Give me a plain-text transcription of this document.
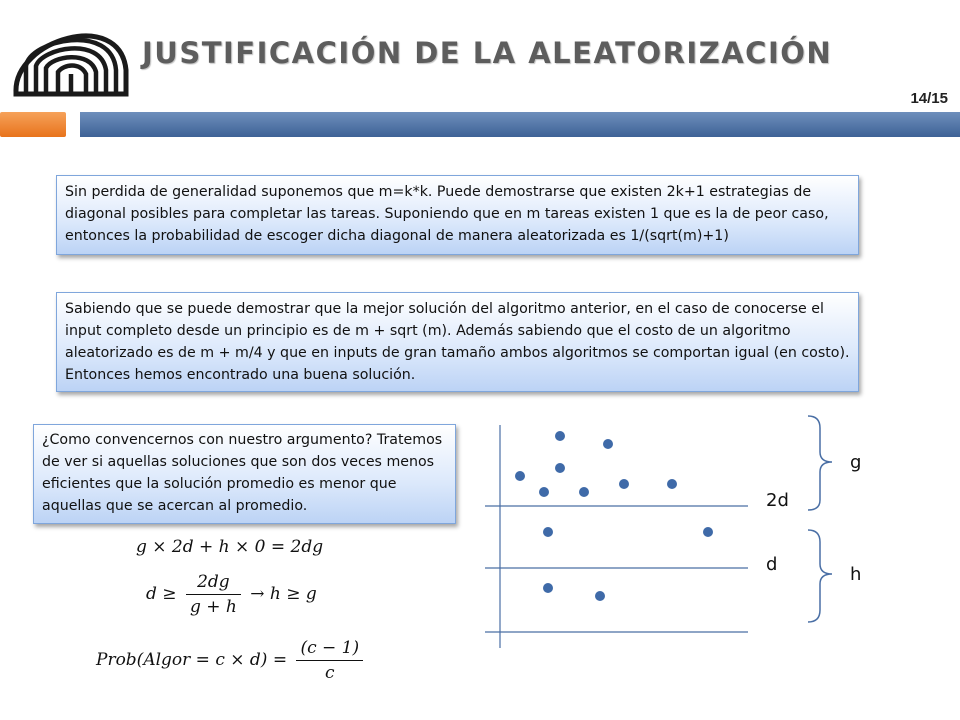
JUSTIFICACIÓN DE LA ALEATORIZACIÓN
14/15
Sin perdida de generalidad suponemos que m=k*k. Puede demostrarse que existen 2k+1 estrategias de diagonal posibles para completar las tareas. Suponiendo que en m tareas existen 1 que es la de peor caso, entonces la probabilidad de escoger dicha diagonal de manera aleatorizada es 1/(sqrt(m)+1)
Sabiendo que se puede demostrar que la mejor solución del algoritmo anterior, en el caso de conocerse el input completo desde un principio es de m + sqrt (m). Además sabiendo que el costo de un algoritmo aleatorizado es de m + m/4 y que en inputs de gran tamaño ambos algoritmos se comportan igual (en costo). Entonces hemos encontrado una buena solución.
¿Como convencernos con nuestro argumento? Tratemos de ver si aquellas soluciones que son dos veces menos eficientes que la solución promedio es menor que aquellas que se acercan al promedio.
g × 2d + h × 0 = 2dg
$d \ge \frac{2dg}{g + h} \to h \ge g$
Prob(Algor = $c \times d) = \frac{(c - 1)}{c}$
2d
d
g
h
